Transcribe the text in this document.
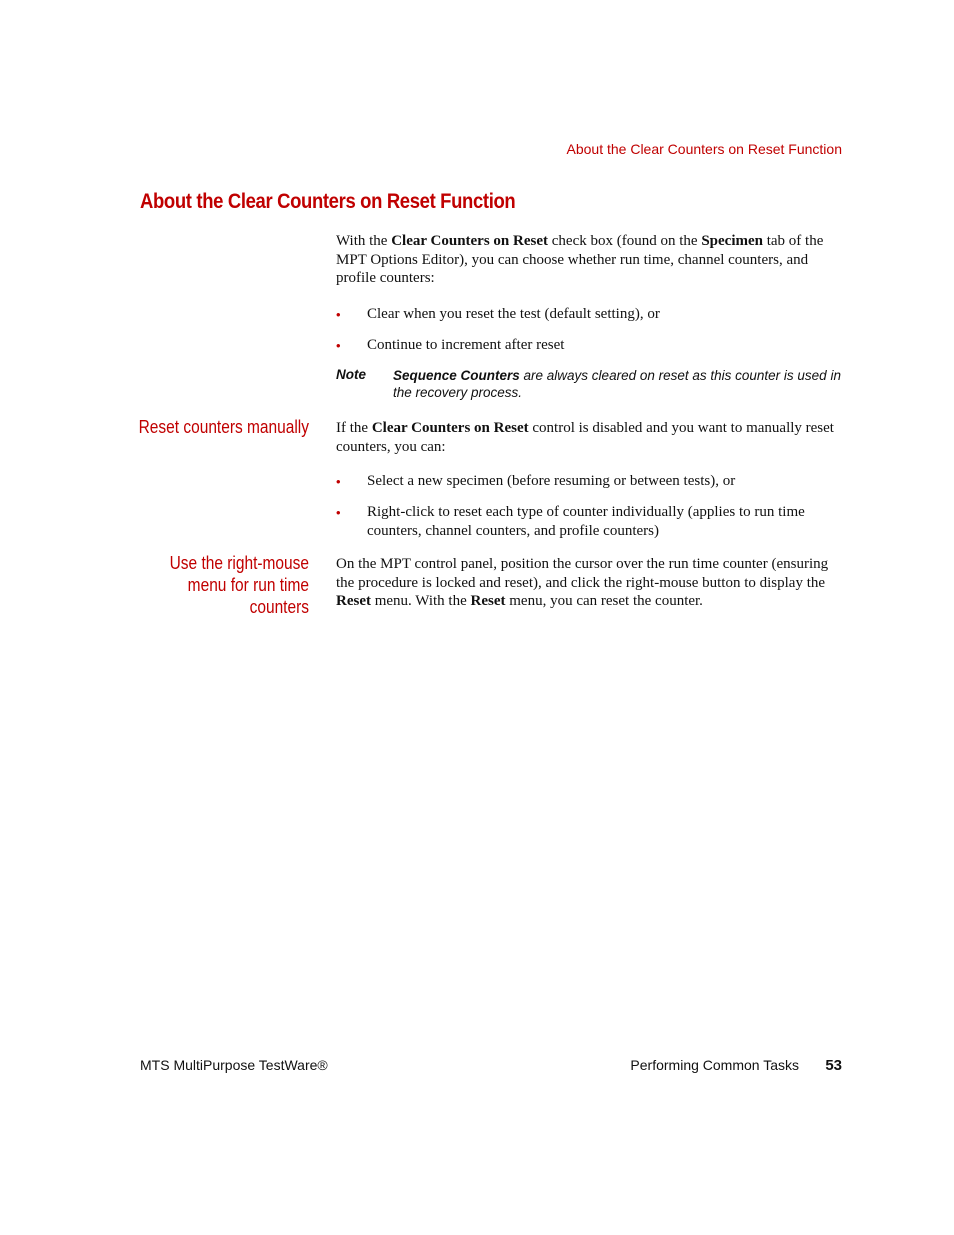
About the Clear Counters on Reset Function
About the Clear Counters on Reset Function
With the Clear Counters on Reset check box (found on the Specimen tab of the MPT Options Editor), you can choose whether run time, channel counters, and profile counters:
• Clear when you reset the test (default setting), or
• Continue to increment after reset
Note Sequence Counters are always cleared on reset as this counter is used in the recovery process.
Reset counters manually If the Clear Counters on Reset control is disabled and you want to manually reset counters, you can:
• Select a new specimen (before resuming or between tests), or
• Right-click to reset each type of counter individually (applies to run time counters, channel counters, and profile counters)
Use the right-mouse
menu for run time
counters
On the MPT control panel, position the cursor over the run time counter (ensuring the procedure is locked and reset), and click the right-mouse button to display the Reset menu. With the Reset menu, you can reset the counter.
MTS MultiPurpose TestWare®	Performing Common Tasks 53
